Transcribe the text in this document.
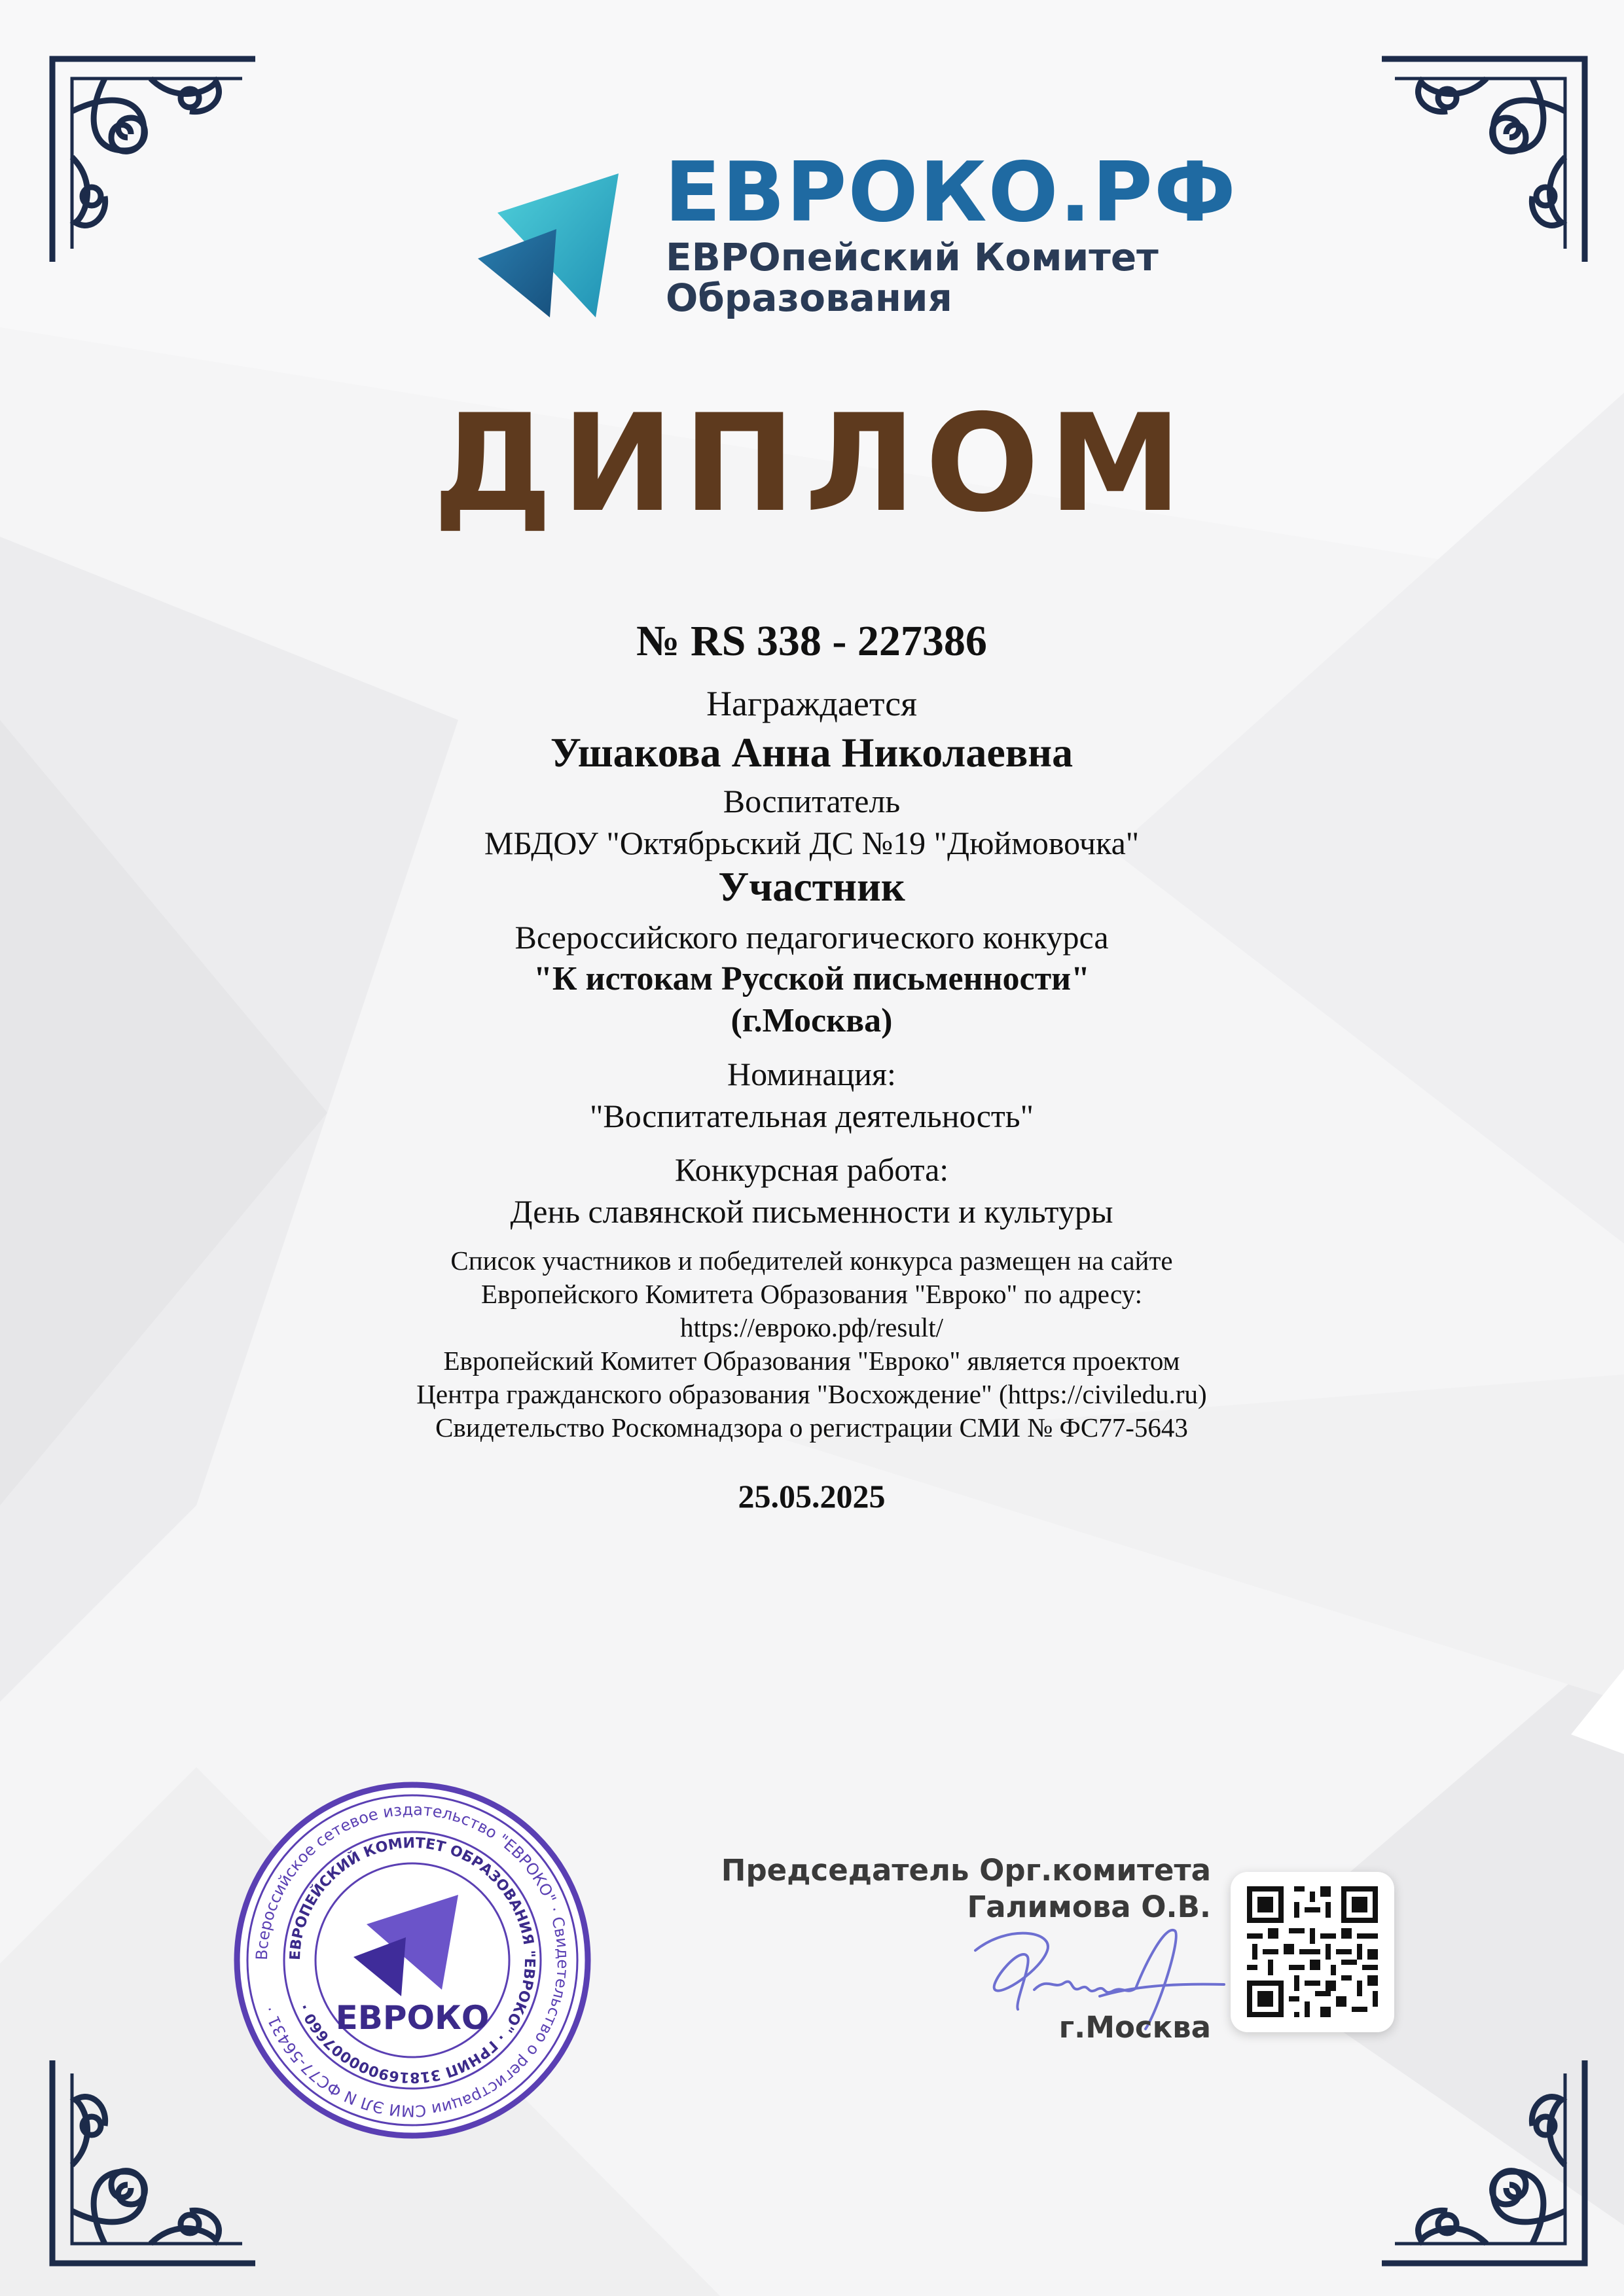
ЕВРОКО.РФ
ЕВРОпейский Комитет
Образования
ДИПЛОМ
№ RS 338 - 227386
Награждается
Ушакова Анна Николаевна
Воспитатель
МБДОУ "Октябрьский ДС №19 "Дюймовочка"
Участник
Всероссийского педагогического конкурса
"К истокам Русской письменности"
(г.Москва)
Номинация:
"Воспитательная деятельность"
Конкурсная работа:
День славянской письменности и культуры
Список участников и победителей конкурса размещен на сайте
Европейского Комитета Образования "Евроко" по адресу:
https://евроко.рф/result/
Европейский Комитет Образования "Евроко" является проектом
Центра гражданского образования "Восхождение" (https://civiledu.ru)
Свидетельство Роскомнадзора о регистрации СМИ № ФС77-5643
25.05.2025
Всероссийское сетевое издательство "ЕВРОКО" · Свидетельство о регистрации СМИ ЭЛ N ФС77-56431 ·
ЕВРОПЕЙСКИЙ КОМИТЕТ ОБРАЗОВАНИЯ "ЕВРОКО" · ГРНИП 318169000007660 · ЕВРОКО
Председатель Орг.комитета
Галимова О.В.
г.Москва
